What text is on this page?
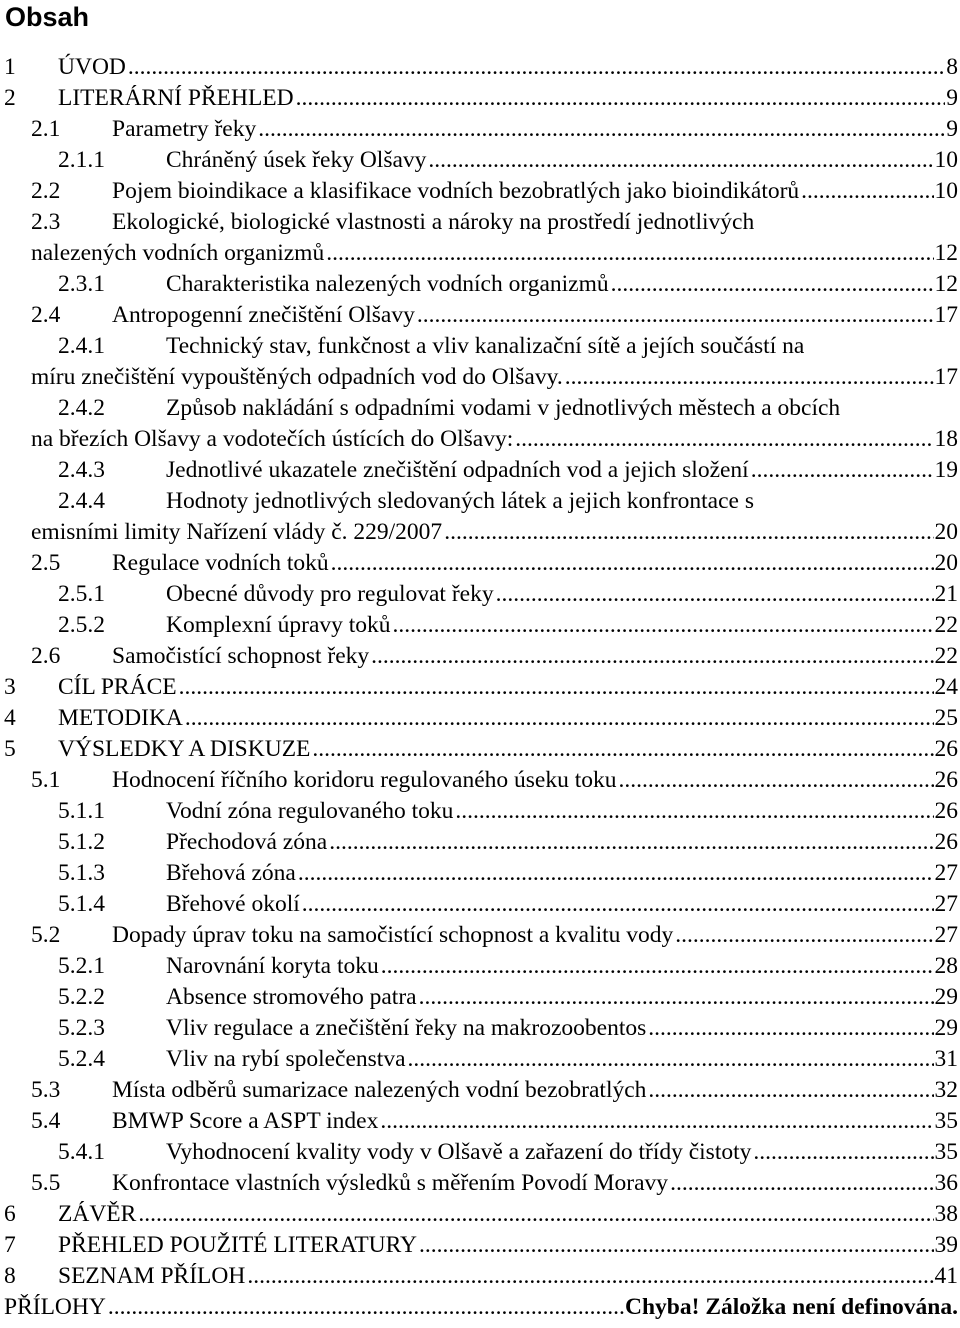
Obsah
1 ÚVOD .....	8
2 LITERÁRNÍ PŘEHLED .....	9
2.1 Parametry řeky .....	9
2.1.1	Chráněný úsek řeky Olšavy .....	10
2.2 Pojem bioindikace a klasifikace vodních bezobratlých jako bioindikátorů .....	10
2.3 Ekologické, biologické vlastnosti a nároky na prostředí jednotlivých
nalezených vodních organizmů .....	12
2.3.1	Charakteristika nalezených vodních organizmů .....	12
2.4 Antropogenní znečištění Olšavy .....	17
2.4.1	Technický stav, funkčnost a vliv kanalizační sítě a jejích součástí na
míru znečištění vypouštěných odpadních vod do Olšavy. .....	17
2.4.2	Způsob nakládání s odpadními vodami v jednotlivých městech a obcích
na březích Olšavy a vodotečích ústících do Olšavy: .....	18
2.4.3	Jednotlivé ukazatele znečištění odpadních vod a jejich složení .....	19
2.4.4	Hodnoty jednotlivých sledovaných látek a jejich konfrontace s
emisními limity Nařízení vlády č. 229/2007 .....	20
2.5 Regulace vodních toků .....	20
2.5.1	Obecné důvody pro regulovat řeky .....	21
2.5.2	Komplexní úpravy toků .....	22
2.6 Samočistící schopnost řeky .....	22
3 CÍL PRÁCE .....	24
4 METODIKA .....	25
5 VÝSLEDKY A DISKUZE .....	26
5.1 Hodnocení říčního koridoru regulovaného úseku toku .....	26
5.1.1	Vodní zóna regulovaného toku .....	26
5.1.2	Přechodová zóna .....	26
5.1.3	Břehová zóna .....	27
5.1.4	Břehové okolí .....	27
5.2 Dopady úprav toku na samočistící schopnost a kvalitu vody .....	27
5.2.1	Narovnání koryta toku .....	28
5.2.2	Absence stromového patra .....	29
5.2.3	Vliv regulace a znečištění řeky na makrozoobentos .....	29
5.2.4	Vliv na rybí společenstva .....	31
5.3 Místa odběrů sumarizace nalezených vodní bezobratlých .....	32
5.4 BMWP Score a ASPT index .....	35
5.4.1	Vyhodnocení kvality vody v Olšavě a zařazení do třídy čistoty .....	35
5.5 Konfrontace vlastních výsledků s měřením Povodí Moravy .....	36
6 ZÁVĚR .....	38
7 PŘEHLED POUŽITÉ LITERATURY .....	39
8 SEZNAM PŘÍLOH .....	41
PŘÍLOHY .....	Chyba! Záložka není definována.
